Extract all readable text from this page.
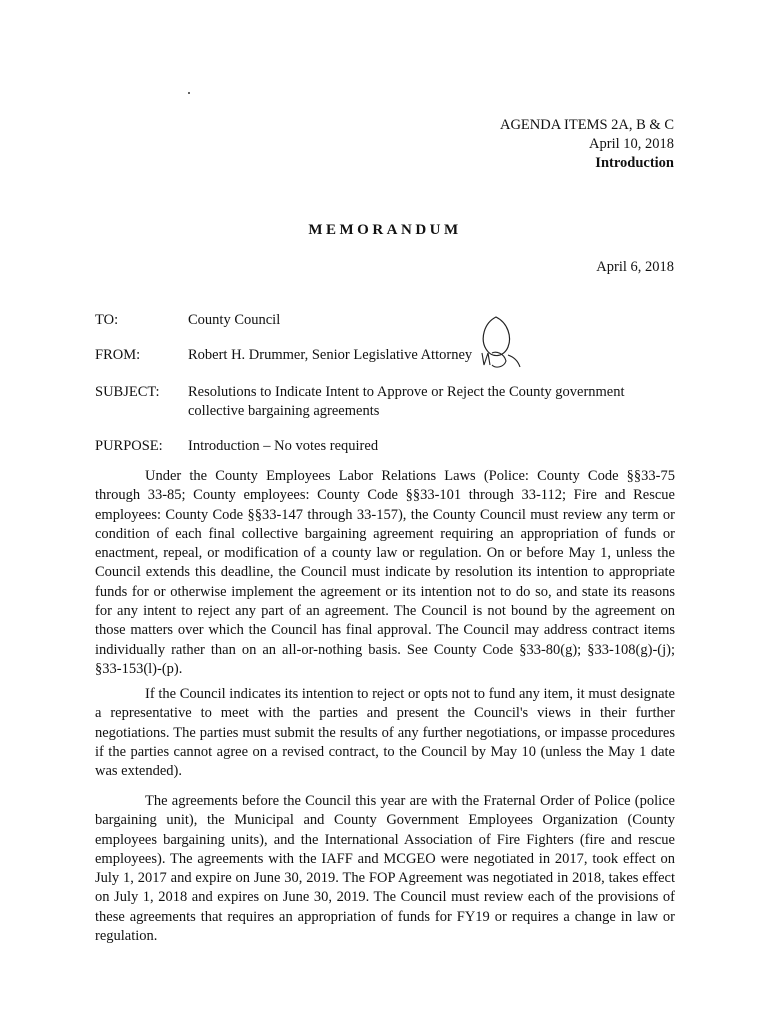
AGENDA ITEMS 2A, B & C
April 10, 2018
Introduction
MEMORANDUM
April 6, 2018
TO:	County Council
FROM:	Robert H. Drummer, Senior Legislative Attorney
SUBJECT: Resolutions to Indicate Intent to Approve or Reject the County government collective bargaining agreements
PURPOSE: Introduction – No votes required

Under the County Employees Labor Relations Laws (Police: County Code §§33-75 through 33-85; County employees: County Code §§33-101 through 33-112; Fire and Rescue employees: County Code §§33-147 through 33-157), the County Council must review any term or condition of each final collective bargaining agreement requiring an appropriation of funds or enactment, repeal, or modification of a county law or regulation. On or before May 1, unless the Council extends this deadline, the Council must indicate by resolution its intention to appropriate funds for or otherwise implement the agreement or its intention not to do so, and state its reasons for any intent to reject any part of an agreement. The Council is not bound by the agreement on those matters over which the Council has final approval. The Council may address contract items individually rather than on an all-or-nothing basis. See County Code §33-80(g); §33-108(g)-(j); §33-153(l)-(p).

If the Council indicates its intention to reject or opts not to fund any item, it must designate a representative to meet with the parties and present the Council's views in their further negotiations. The parties must submit the results of any further negotiations, or impasse procedures if the parties cannot agree on a revised contract, to the Council by May 10 (unless the May 1 date was extended).

The agreements before the Council this year are with the Fraternal Order of Police (police bargaining unit), the Municipal and County Government Employees Organization (County employees bargaining units), and the International Association of Fire Fighters (fire and rescue employees). The agreements with the IAFF and MCGEO were negotiated in 2017, took effect on July 1, 2017 and expire on June 30, 2019. The FOP Agreement was negotiated in 2018, takes effect on July 1, 2018 and expires on June 30, 2019. The Council must review each of the provisions of these agreements that requires an appropriation of funds for FY19 or requires a change in law or regulation.
